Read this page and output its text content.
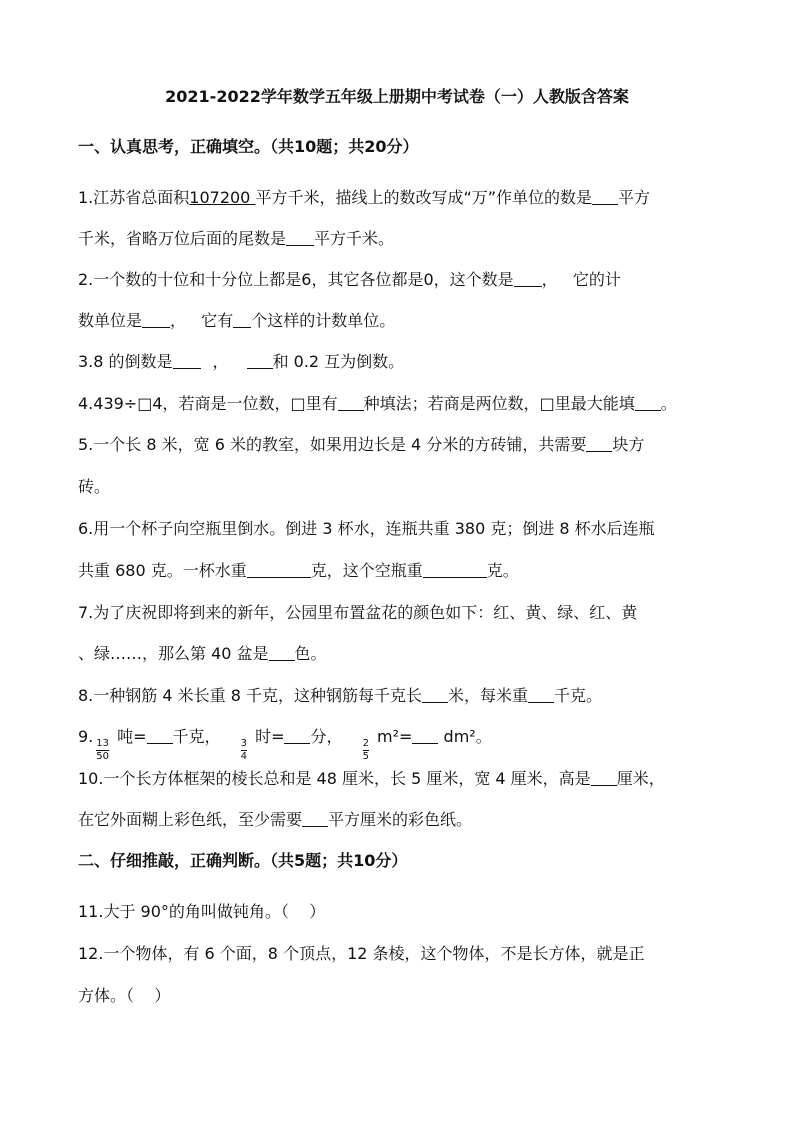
2021-2022学年数学五年级上册期中考试卷（一）人教版含答案
一、认真思考，正确填空。（共10题；共20分）
1.江苏省总面积107200 平方千米，描线上的数改写成“万”作单位的数是 平方
千米，省略万位后面的尾数是 平方千米。
2.一个数的十位和十分位上都是6，其它各位都是0，这个数是 ，   它的计
数单位是 ，   它有 个这样的计数单位。
3.8 的倒数是	，	和 0.2 互为倒数。
4.439÷□4，若商是一位数，□里有 种填法；若商是两位数，□里最大能填 。
5.一个长 8 米，宽 6 米的教室，如果用边长是 4 分米的方砖铺，共需要 块方
砖。
6.用一个杯子向空瓶里倒水。倒进 3 杯水，连瓶共重 380 克；倒进 8 杯水后连瓶
共重 680 克。一杯水重	克，这个空瓶重	克。
7.为了庆祝即将到来的新年，公园里布置盆花的颜色如下：红、黄、绿、红、黄
、绿……，那么第 40 盆是 色。
8.一种钢筋 4 米长重 8 千克，这种钢筋每千克长 米，每米重 千克。
9.
$\frac{13}{50}$
吨= 千克，
$\frac{3}{4}$
时= 分，
$\frac{2}{5}$
m²= dm²。
10.一个长方体框架的棱长总和是 48 厘米，长 5 厘米，宽 4 厘米，高是 厘米，
在它外面糊上彩色纸，至少需要 平方厘米的彩色纸。
二、仔细推敲，正确判断。（共5题；共10分）
11.大于 90°的角叫做钝角。（    ）
12.一个物体，有 6 个面，8 个顶点，12 条棱，这个物体，不是长方体，就是正
方体。（    ）
